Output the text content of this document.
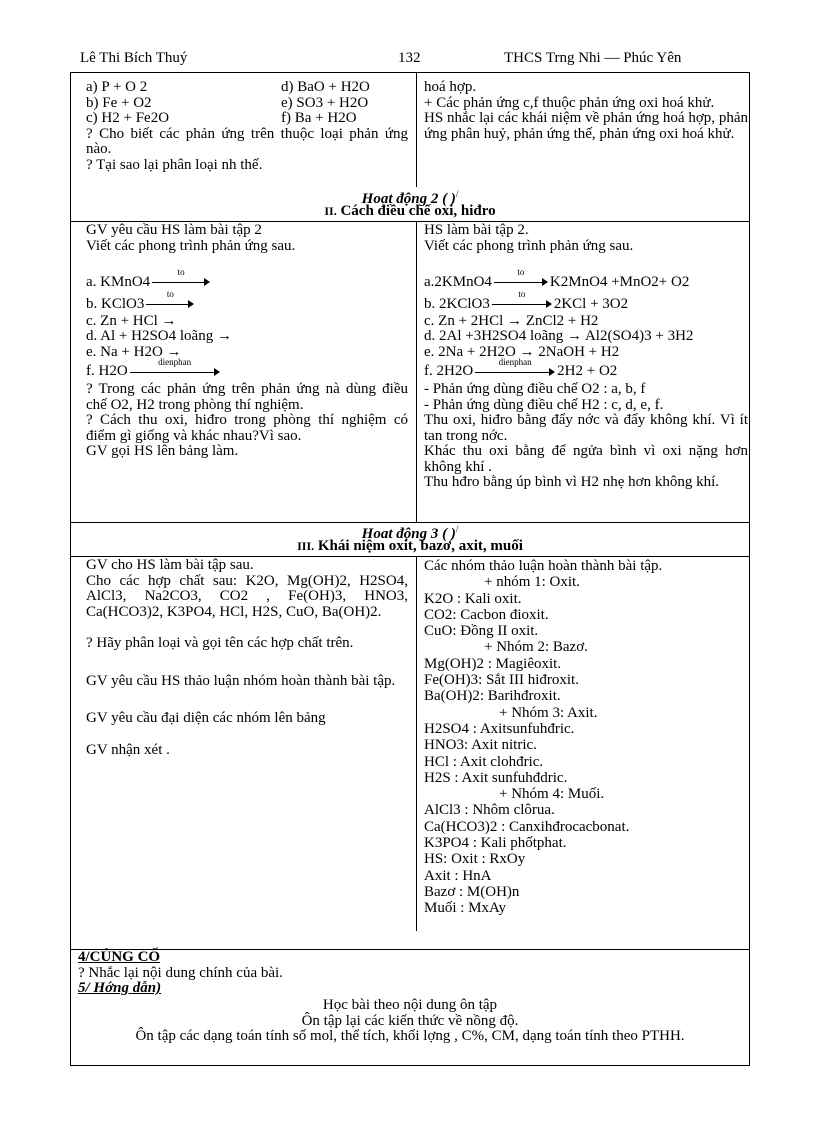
Lê Thi Bích Thuý	132	THCS Trng Nhi — Phúc Yên
a) P + O 2	d) BaO + H2O
b) Fe + O2	e) SO3 + H2O
c) H2 + Fe2O	f) Ba + H2O
? Cho biết các phản ứng trên thuộc loại phản ứng nào.
? Tại sao lại phân loại nh thế.
hoá hợp.
+ Các phản ứng c,f thuộc phản ứng oxi hoá khử.
HS nhắc lại các khái niệm về phản ứng hoá hợp, phản ứng phân huỷ, phản ứng thế, phản ứng oxi hoá khử.
Hoat động 2 ( )/
II. Cách điều chế oxi, hiđro
GV yêu cầu HS làm bài tập 2
Viết các phong trình phản ứng sau.
a. KMnO4
to
b. KClO3
to
c. Zn + HCl →
d. Al + H2SO4 loãng →
e. Na + H2O →
f. H2O
dienphan
? Trong các phản ứng trên phản ứng nà dùng điều chế O2, H2 trong phòng thí nghiệm.
? Cách thu oxi, hiđro trong phòng thí nghiệm có điểm gì giống và khác nhau?Vì sao.
GV gọi HS lên bảng làm.
HS làm bài tập 2.
Viết các phong trình phản ứng sau.
a.2KMnO4
to
K2MnO4 +MnO2+ O2
b. 2KClO3
to
2KCl + 3O2
c. Zn + 2HCl → ZnCl2 + H2
d. 2Al +3H2SO4 loãng → Al2(SO4)3 + 3H2
e. 2Na + 2H2O → 2NaOH + H2
f. 2H2O
dienphan
2H2 + O2
- Phản ứng dùng điều chế O2 : a, b, f
- Phản ứng dùng điều chế H2 : c, d, e, f.
Thu oxi, hiđro bằng đẩy nớc và đẩy không khí. Vì ít tan trong nớc.
Khác thu oxi bằng để ngửa bình vì oxi nặng hơn không khí .
Thu hđro bằng úp bình vì H2 nhẹ hơn không khí.
Hoat động 3 ( )/
III. Khái niệm oxit, bazơ, axit, muối
GV cho HS làm bài tập sau.
Cho các hợp chất sau: K2O, Mg(OH)2, H2SO4, AlCl3, Na2CO3, CO2 , Fe(OH)3, HNO3, Ca(HCO3)2, K3PO4, HCl, H2S, CuO, Ba(OH)2.
? Hãy phân loại và gọi tên các hợp chất trên.
GV yêu cầu HS thảo luận nhóm hoàn thành bài tập.
GV yêu cầu đại diện các nhóm lên bảng
GV nhận xét .
Các nhóm thảo luận hoàn thành bài tập.
+ nhóm 1: Oxit.
K2O : Kali oxit.
CO2: Cacbon đioxit.
CuO: Đồng II oxit.
+ Nhóm 2: Bazơ.
Mg(OH)2 : Magiêoxit.
Fe(OH)3: Sắt III hiđroxit.
Ba(OH)2: Barihđroxit.
+ Nhóm 3: Axit.
H2SO4 : Axitsunfuhđric.
HNO3: Axit nitric.
HCl : Axit clohđric.
H2S : Axit sunfuhđdric.
+ Nhóm 4: Muối.
AlCl3 : Nhôm clôrua.
Ca(HCO3)2 : Canxihđrocacbonat.
K3PO4 : Kali phốtphat.
HS: Oxit : RxOy
Axit : HnA
Bazơ : M(OH)n
Muối : MxAy
4/CỦNG CỐ
? Nhắc lại nội dung chính của bài.
5/ Hớng dẫn)
Học bài theo nội dung ôn tập
Ôn tập lại các kiến thức về nồng độ.
Ôn tập các dạng toán tính số mol, thể tích, khối lợng , C%, CM, dạng toán tính theo PTHH.
